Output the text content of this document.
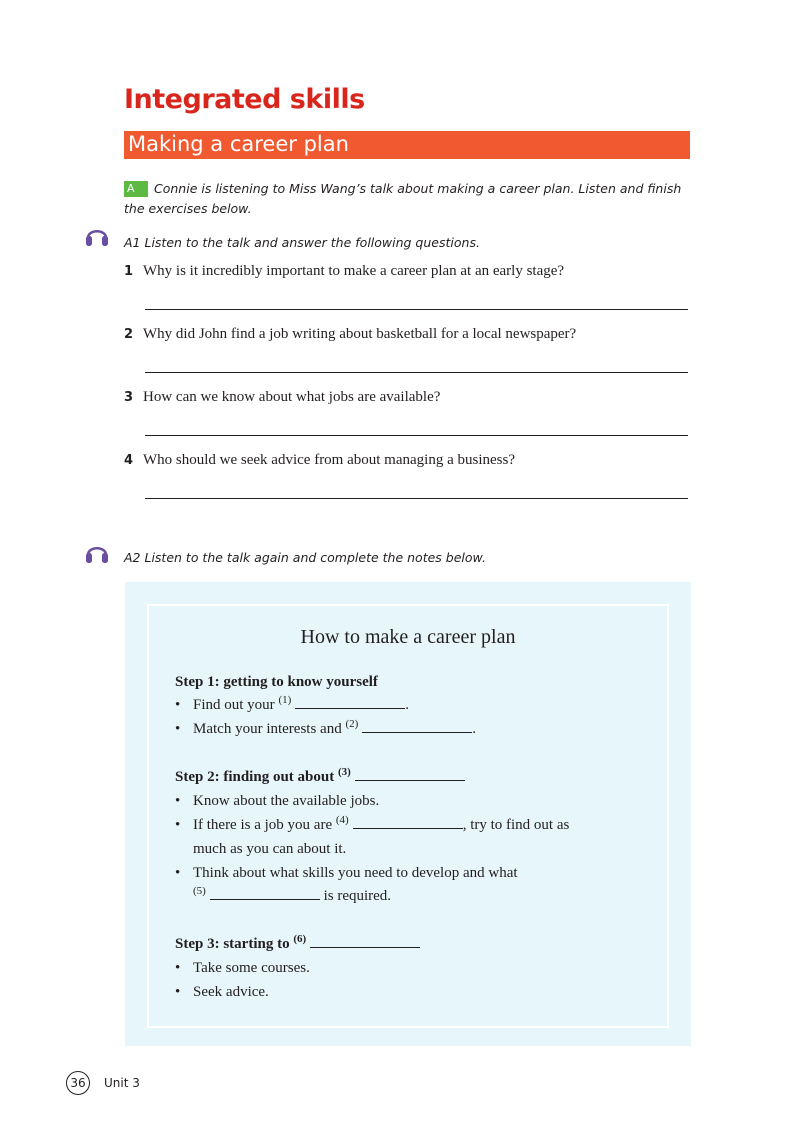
Integrated skills
Making a career plan
A Connie is listening to Miss Wang’s talk about making a career plan. Listen and finish the exercises below.
A1 Listen to the talk and answer the following questions.
1 Why is it incredibly important to make a career plan at an early stage?
2 Why did John find a job writing about basketball for a local newspaper?
3 How can we know about what jobs are available?
4 Who should we seek advice from about managing a business?
A2 Listen to the talk again and complete the notes below.
How to make a career plan
Step 1: getting to know yourself
• Find out your $^{(1)}$	.
• Match your interests and $^{(2)}$	.
Step 2: finding out about $^{(3)}$
• Know about the available jobs.
• If there is a job you are $^{(4)}$	, try to find out as
much as you can about it.
• Think about what skills you need to develop and what
$^{(5)}$	is required.
Step 3: starting to $^{(6)}$
• Take some courses.
• Seek advice.
36	Unit 3
